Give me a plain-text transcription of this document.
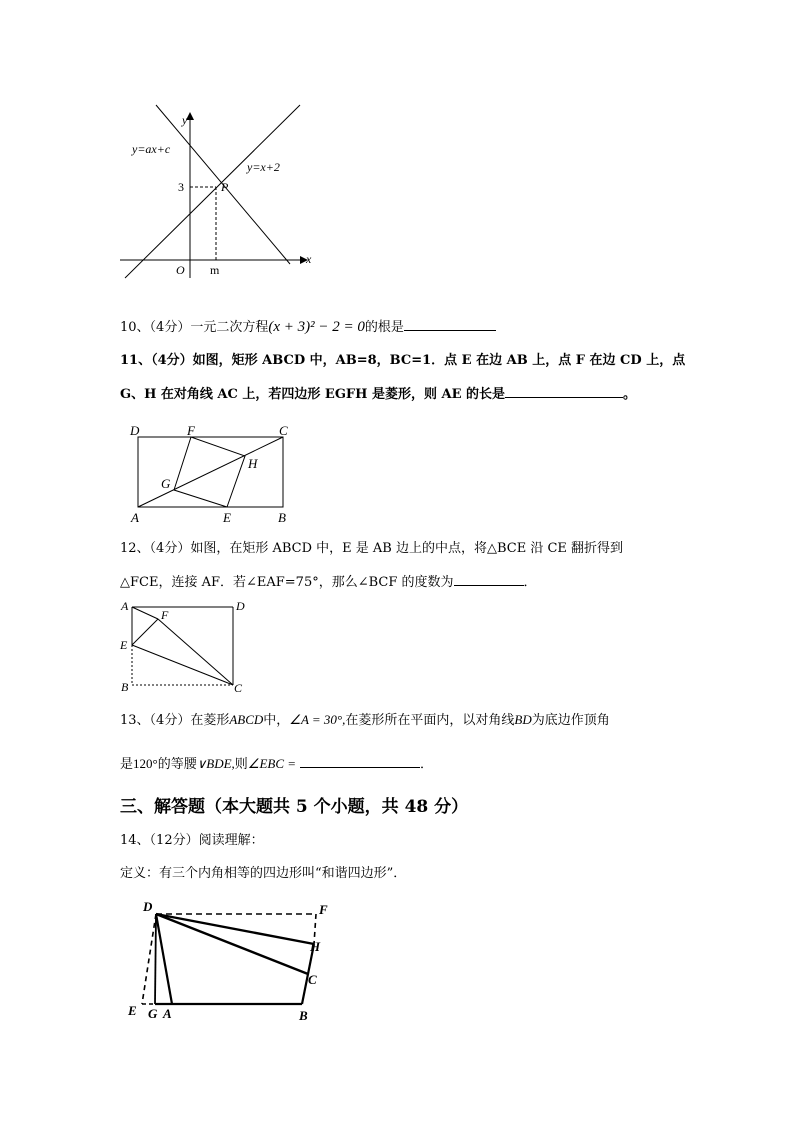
y
x
O
y=ax+c
y=x+2
3
m
P
10、（4分）一元二次方程(x + 3)² − 2 = 0的根是
11、（4分）如图，矩形 ABCD 中，AB=8，BC=1．点 E 在边 AB 上，点 F 在边 CD 上，点
G、H 在对角线 AC 上，若四边形 EGFH 是菱形，则 AE 的长是	。
D	F	C
H
G
A	E	B
12、（4分）如图，在矩形 ABCD 中，E 是 AB 边上的中点，将△BCE 沿 CE 翻折得到
△FCE，连接 AF．若∠EAF=75°，那么∠BCF 的度数为	．
A	D
F
E
B	C
13、（4分）在菱形ABCD中，∠A = 30°,在菱形所在平面内，以对角线BD为底边作顶角
是120°的等腰∨BDE,则∠EBC =	．
三、解答题（本大题共 5 个小题，共 48 分）
14、（12分）阅读理解：
定义：有三个内角相等的四边形叫“和谐四边形”．
D	F
H
C
E G A	B
